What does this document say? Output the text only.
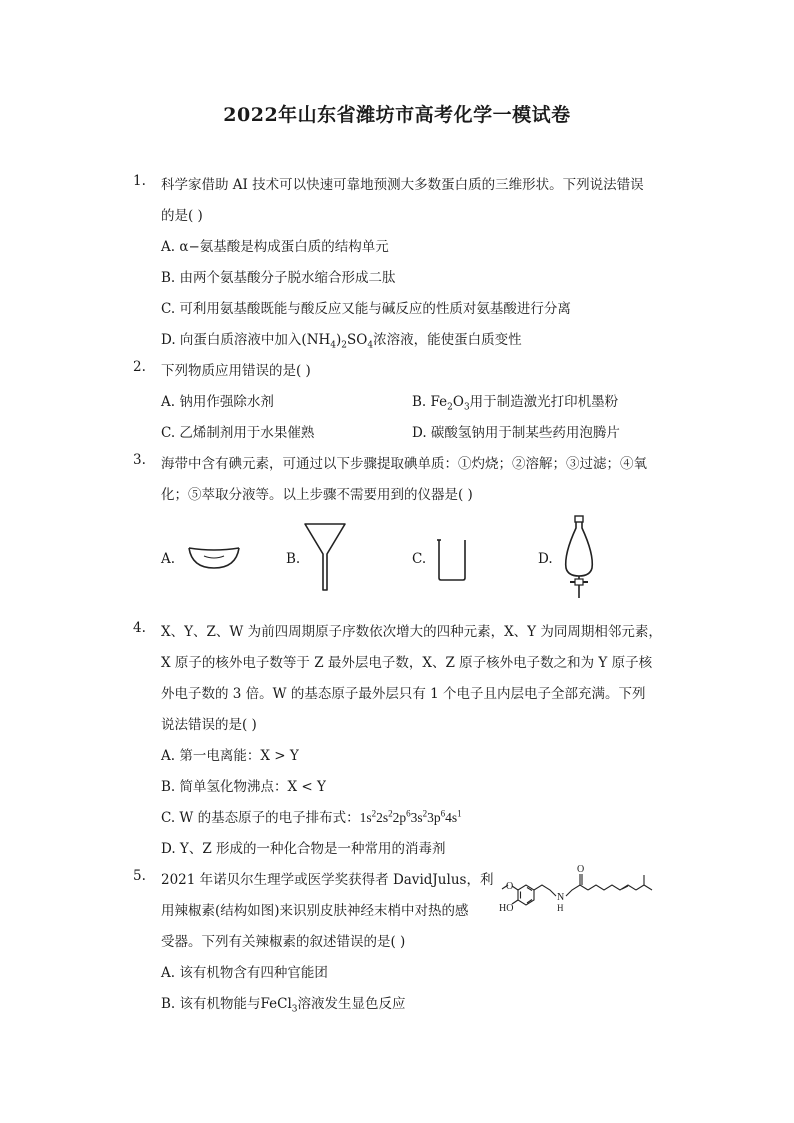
2022年山东省潍坊市高考化学一模试卷
1. 科学家借助 AI 技术可以快速可靠地预测大多数蛋白质的三维形状。下列说法错误
的是( )
A. α−氨基酸是构成蛋白质的结构单元
B. 由两个氨基酸分子脱水缩合形成二肽
C. 可利用氨基酸既能与酸反应又能与碱反应的性质对氨基酸进行分离
D. 向蛋白质溶液中加入$(NH_4)_2SO_4$浓溶液，能使蛋白质变性
2. 下列物质应用错误的是( )
A. 钠用作强除水剂	B. $Fe_2O_3$用于制造激光打印机墨粉
C. 乙烯制剂用于水果催熟	D. 碳酸氢钠用于制某些药用泡腾片
3. 海带中含有碘元素，可通过以下步骤提取碘单质：①灼烧；②溶解；③过滤；④氧
化；⑤萃取分液等。以上步骤不需要用到的仪器是( )
A.	B.	C.	D.
4. X、Y、Z、W 为前四周期原子序数依次增大的四种元素，X、Y 为同周期相邻元素，
X 原子的核外电子数等于 Z 最外层电子数，X、Z 原子核外电子数之和为 Y 原子核
外电子数的 3 倍。W 的基态原子最外层只有 1 个电子且内层电子全部充满。下列
说法错误的是( )
A. 第一电离能：X > Y
B. 简单氢化物沸点：X < Y
C. W 的基态原子的电子排布式：$1s^22s^22p^63s^23p^64s^1$
D. Y、Z 形成的一种化合物是一种常用的消毒剂
5. 2021 年诺贝尔生理学或医学奖获得者 DavidJulus，利
用辣椒素(结构如图)来识别皮肤神经末梢中对热的感
受器。下列有关辣椒素的叙述错误的是( )
A. 该有机物含有四种官能团
B. 该有机物能与FeCl$_3$溶液发生显色反应
O
HO
N
H
O
